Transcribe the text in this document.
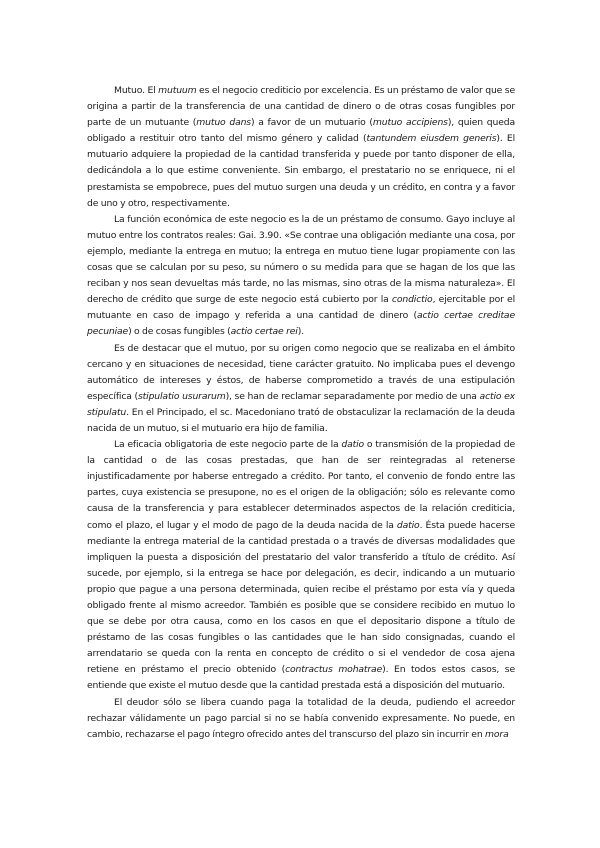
Mutuo. El mutuum es el negocio crediticio por excelencia. Es un préstamo de valor que se origina a partir de la transferencia de una cantidad de dinero o de otras cosas fungibles por parte de un mutuante (mutuo dans) a favor de un mutuario (mutuo accipiens), quien queda obligado a restituir otro tanto del mismo género y calidad (tantundem eiusdem generis). El mutuario adquiere la propiedad de la cantidad transferida y puede por tanto disponer de ella, dedicándola a lo que estime conveniente. Sin embargo, el prestatario no se enriquece, ni el prestamista se empobrece, pues del mutuo surgen una deuda y un crédito, en contra y a favor de uno y otro, respectivamente.

La función económica de este negocio es la de un préstamo de consumo. Gayo incluye al mutuo entre los contratos reales: Gai. 3.90. «Se contrae una obligación mediante una cosa, por ejemplo, mediante la entrega en mutuo; la entrega en mutuo tiene lugar propiamente con las cosas que se calculan por su peso, su número o su medida para que se hagan de los que las reciban y nos sean devueltas más tarde, no las mismas, sino otras de la misma naturaleza». El derecho de crédito que surge de este negocio está cubierto por la condictio, ejercitable por el mutuante en caso de impago y referida a una cantidad de dinero (actio certae creditae pecuniae) o de cosas fungibles (actio certae rei).

Es de destacar que el mutuo, por su origen como negocio que se realizaba en el ámbito cercano y en situaciones de necesidad, tiene carácter gratuito. No implicaba pues el devengo automático de intereses y éstos, de haberse comprometido a través de una estipulación específica (stipulatio usurarum), se han de reclamar separadamente por medio de una actio ex stipulatu. En el Principado, el sc. Macedoniano trató de obstaculizar la reclamación de la deuda nacida de un mutuo, si el mutuario era hijo de familia.

La eficacia obligatoria de este negocio parte de la datio o transmisión de la propiedad de la cantidad o de las cosas prestadas, que han de ser reintegradas al retenerse injustificadamente por haberse entregado a crédito. Por tanto, el convenio de fondo entre las partes, cuya existencia se presupone, no es el origen de la obligación; sólo es relevante como causa de la transferencia y para establecer determinados aspectos de la relación crediticia, como el plazo, el lugar y el modo de pago de la deuda nacida de la datio. Ésta puede hacerse mediante la entrega material de la cantidad prestada o a través de diversas modalidades que impliquen la puesta a disposición del prestatario del valor transferido a título de crédito. Así sucede, por ejemplo, si la entrega se hace por delegación, es decir, indicando a un mutuario propio que pague a una persona determinada, quien recibe el préstamo por esta vía y queda obligado frente al mismo acreedor. También es posible que se considere recibido en mutuo lo que se debe por otra causa, como en los casos en que el depositario dispone a título de préstamo de las cosas fungibles o las cantidades que le han sido consignadas, cuando el arrendatario se queda con la renta en concepto de crédito o si el vendedor de cosa ajena retiene en préstamo el precio obtenido (contractus mohatrae). En todos estos casos, se entiende que existe el mutuo desde que la cantidad prestada está a disposición del mutuario.

El deudor sólo se libera cuando paga la totalidad de la deuda, pudiendo el acreedor rechazar válidamente un pago parcial si no se había convenido expresamente. No puede, en cambio, rechazarse el pago íntegro ofrecido antes del transcurso del plazo sin incurrir en mora
